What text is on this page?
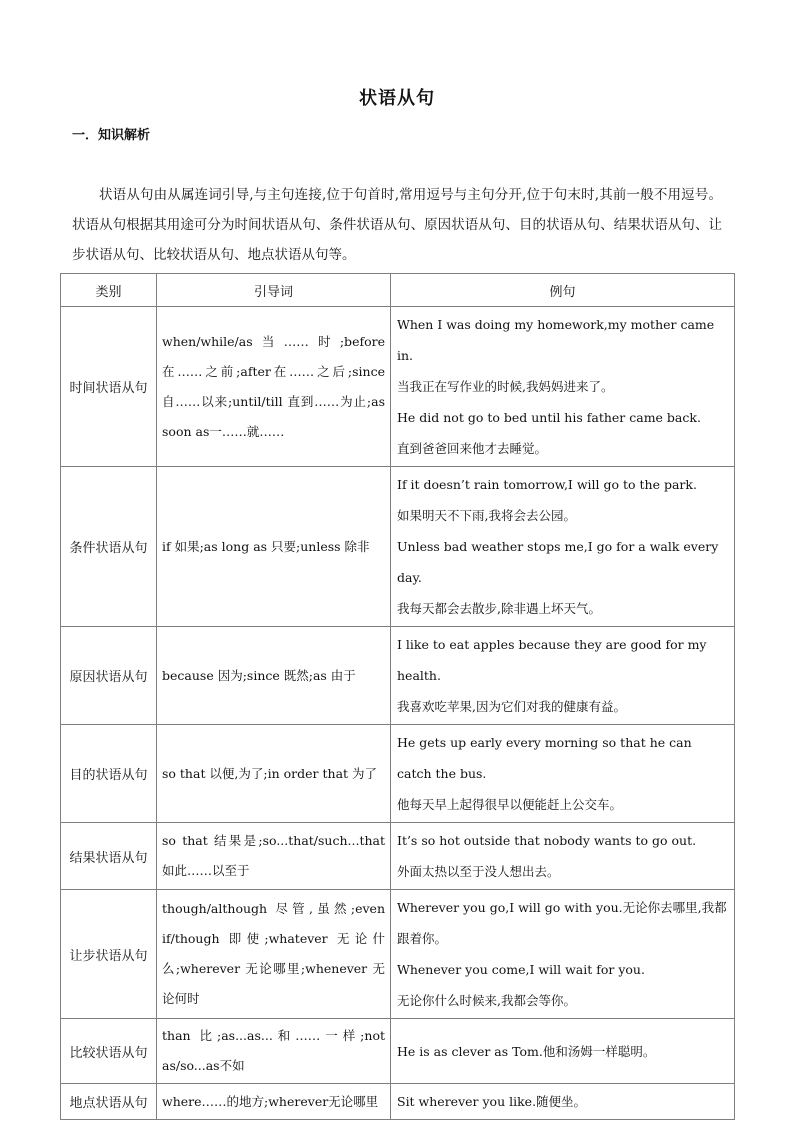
状语从句
一．知识解析

状语从句由从属连词引导,与主句连接,位于句首时,常用逗号与主句分开,位于句末时,其前一般不用逗号。状语从句根据其用途可分为时间状语从句、条件状语从句、原因状语从句、目的状语从句、结果状语从句、让步状语从句、比较状语从句、地点状语从句等。

类别	引导词	例句
时间状语从句	when/while/as当……时;before在……之前;after在……之后;since自……以来;until/till 直到……为止;as soon as一……就……	When I was doing my homework,my mother came in.
当我正在写作业的时候,我妈妈进来了。
He did not go to bed until his father came back.
直到爸爸回来他才去睡觉。

条件状语从句	if 如果;as long as 只要;unless 除非	If it doesn’t rain tomorrow,I will go to the park.
如果明天不下雨,我将会去公园。
Unless bad weather stops me,I go for a walk every day.
我每天都会去散步,除非遇上坏天气。

原因状语从句	because 因为;since 既然;as 由于	I like to eat apples because they are good for my health.
我喜欢吃苹果,因为它们对我的健康有益。

目的状语从句	so that 以便,为了;in order that 为了	He gets up early every morning so that he can catch the bus.
他每天早上起得很早以便能赶上公交车。

结果状语从句	so that 结果是;so...that/such...that如此……以至于	It’s so hot outside that nobody wants to go out.
外面太热以至于没人想出去。

让步状语从句	though/although 尽管,虽然;even if/though 即使;whatever 无论什么;wherever 无论哪里;whenever 无论何时	Wherever you go,I will go with you.无论你去哪里,我都跟着你。
Whenever you come,I will wait for you.
无论你什么时候来,我都会等你。

比较状语从句	than 比;as...as...和……一样;not as/so...as不如	He is as clever as Tom.他和汤姆一样聪明。

地点状语从句	where……的地方;wherever无论哪里	Sit wherever you like.随便坐。
